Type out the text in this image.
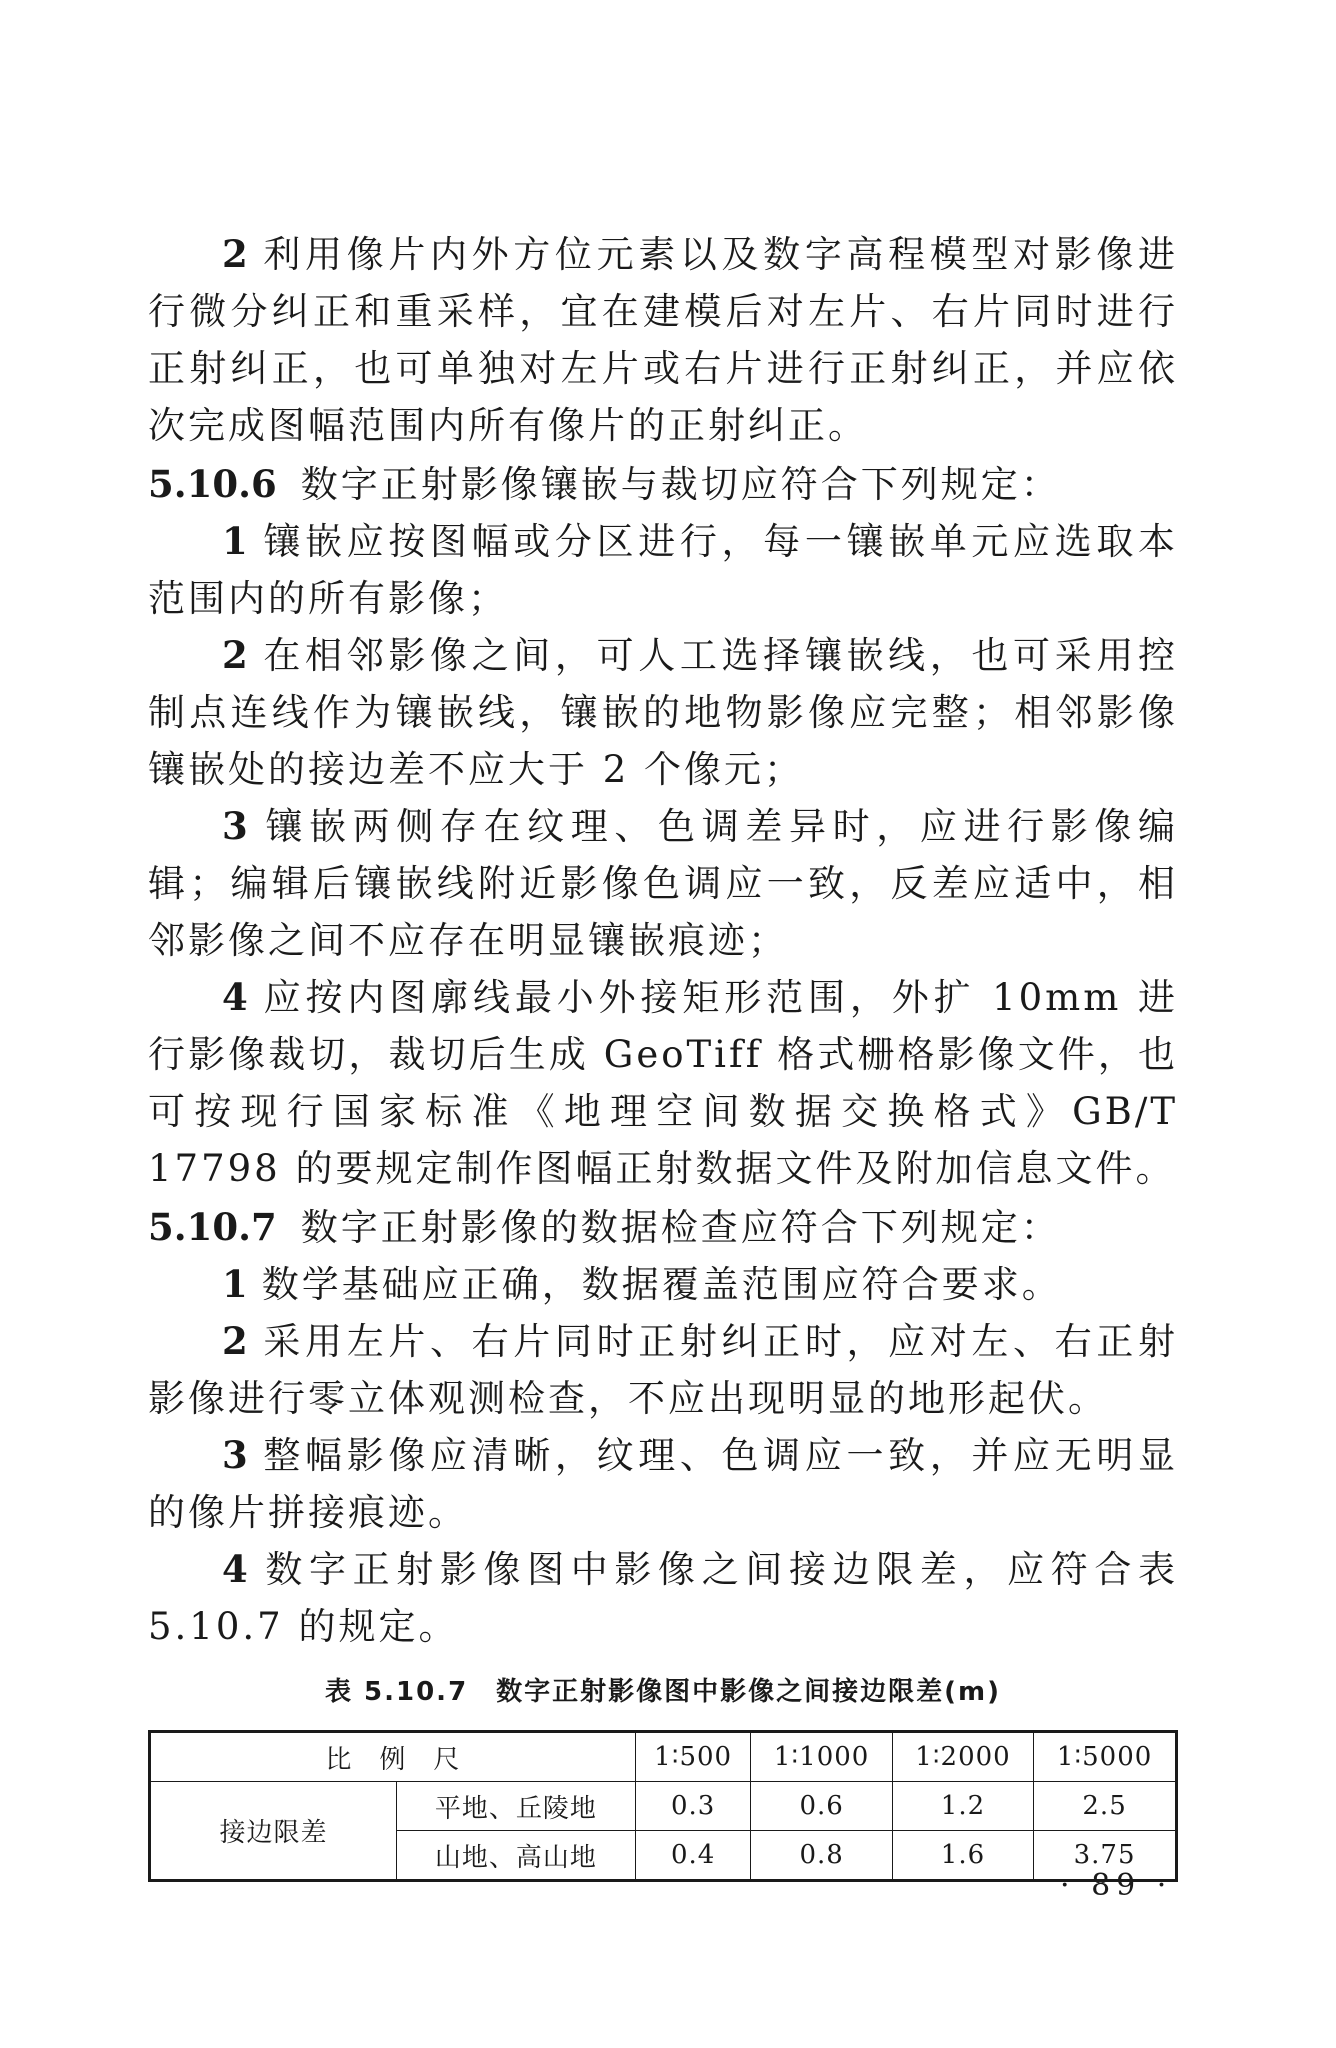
2 利用像片内外方位元素以及数字高程模型对影像进行微分纠正和重采样，宜在建模后对左片、右片同时进行正射纠正，也可单独对左片或右片进行正射纠正，并应依次完成图幅范围内所有像片的正射纠正。

5.10.6 数字正射影像镶嵌与裁切应符合下列规定：

1 镶嵌应按图幅或分区进行，每一镶嵌单元应选取本范围内的所有影像；

2 在相邻影像之间，可人工选择镶嵌线，也可采用控制点连线作为镶嵌线，镶嵌的地物影像应完整；相邻影像镶嵌处的接边差不应大于 2 个像元；

3 镶嵌两侧存在纹理、色调差异时，应进行影像编辑；编辑后镶嵌线附近影像色调应一致，反差应适中，相邻影像之间不应存在明显镶嵌痕迹；

4 应按内图廓线最小外接矩形范围，外扩 10mm 进行影像裁切，裁切后生成 GeoTiff 格式栅格影像文件，也可按现行国家标准《地理空间数据交换格式》GB/T 17798 的要规定制作图幅正射数据文件及附加信息文件。

5.10.7 数字正射影像的数据检查应符合下列规定：

1 数学基础应正确，数据覆盖范围应符合要求。

2 采用左片、右片同时正射纠正时，应对左、右正射影像进行零立体观测检查，不应出现明显的地形起伏。

3 整幅影像应清晰，纹理、色调应一致，并应无明显的像片拼接痕迹。

4 数字正射影像图中影像之间接边限差，应符合表 5.10.7 的规定。

表 5.10.7　数字正射影像图中影像之间接边限差(m)
比　例　尺		1∶500	1∶1000	1∶2000	1∶5000
接边限差	平地、丘陵地	0.3	0.6	1.2	2.5
	山地、高山地	0.4	0.8	1.6	3.75
· 89 ·
